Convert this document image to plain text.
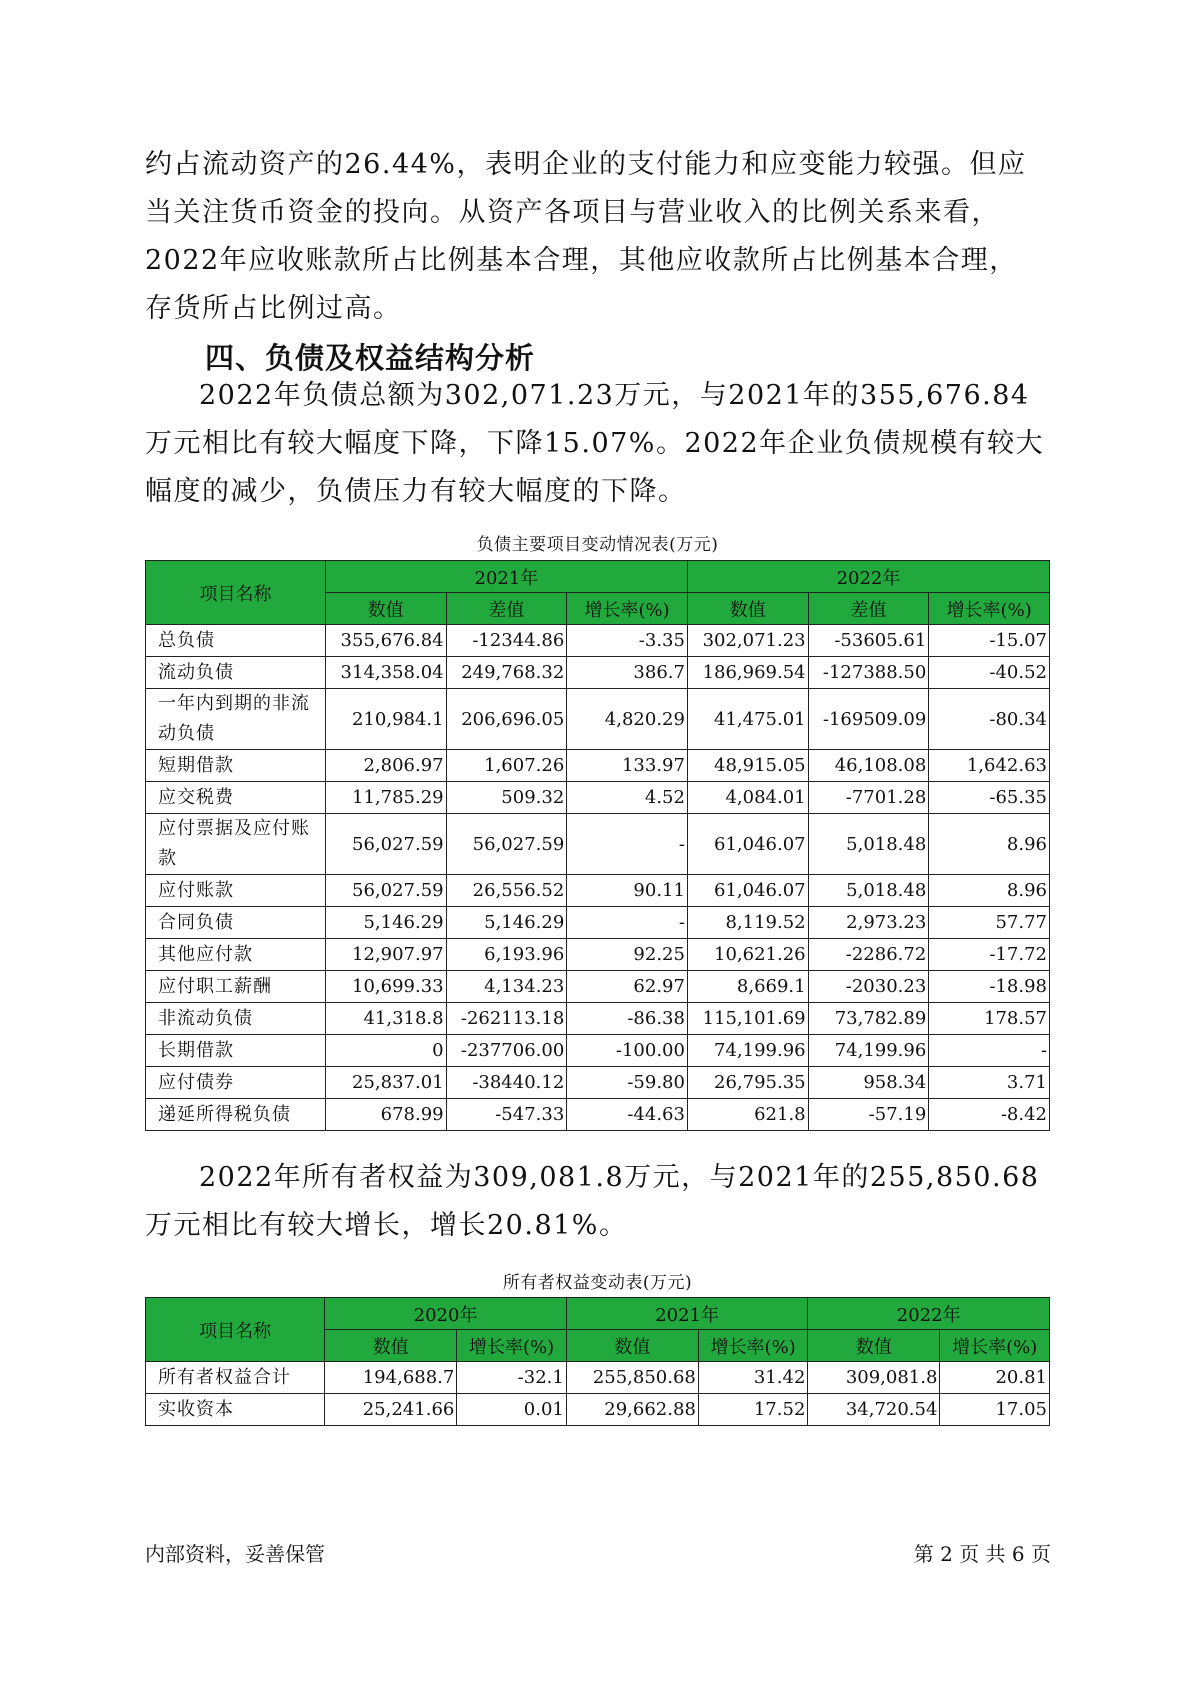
约占流动资产的26.44%，表明企业的支付能力和应变能力较强。但应当关注货币资金的投向。从资产各项目与营业收入的比例关系来看，2022年应收账款所占比例基本合理，其他应收款所占比例基本合理，存货所占比例过高。

四、负债及权益结构分析

2022年负债总额为302,071.23万元，与2021年的355,676.84万元相比有较大幅度下降，下降15.07%。2022年企业负债规模有较大幅度的减少，负债压力有较大幅度的下降。

负债主要项目变动情况表(万元)
项目名称	2021年			2022年		
	数值	差值	增长率(%)	数值	差值	增长率(%)
总负债	355,676.84	-12344.86	-3.35	302,071.23	-53605.61	-15.07
流动负债	314,358.04	249,768.32	386.7	186,969.54	-127388.50	-40.52
一年内到期的非流动负债	210,984.1	206,696.05	4,820.29	41,475.01	-169509.09	-80.34
短期借款	2,806.97	1,607.26	133.97	48,915.05	46,108.08	1,642.63
应交税费	11,785.29	509.32	4.52	4,084.01	-7701.28	-65.35
应付票据及应付账款	56,027.59	56,027.59	-	61,046.07	5,018.48	8.96
应付账款	56,027.59	26,556.52	90.11	61,046.07	5,018.48	8.96
合同负债	5,146.29	5,146.29	-	8,119.52	2,973.23	57.77
其他应付款	12,907.97	6,193.96	92.25	10,621.26	-2286.72	-17.72
应付职工薪酬	10,699.33	4,134.23	62.97	8,669.1	-2030.23	-18.98
非流动负债	41,318.8	-262113.18	-86.38	115,101.69	73,782.89	178.57
长期借款	0	-237706.00	-100.00	74,199.96	74,199.96	-
应付债券	25,837.01	-38440.12	-59.80	26,795.35	958.34	3.71
递延所得税负债	678.99	-547.33	-44.63	621.8	-57.19	-8.42

2022年所有者权益为309,081.8万元，与2021年的255,850.68万元相比有较大增长，增长20.81%。

所有者权益变动表(万元)
项目名称	2020年		2021年		2022年	
	数值	增长率(%)	数值	增长率(%)	数值	增长率(%)
所有者权益合计	194,688.7	-32.1	255,850.68	31.42	309,081.8	20.81
实收资本	25,241.66	0.01	29,662.88	17.52	34,720.54	17.05
内部资料，妥善保管	第 2 页 共 6 页
